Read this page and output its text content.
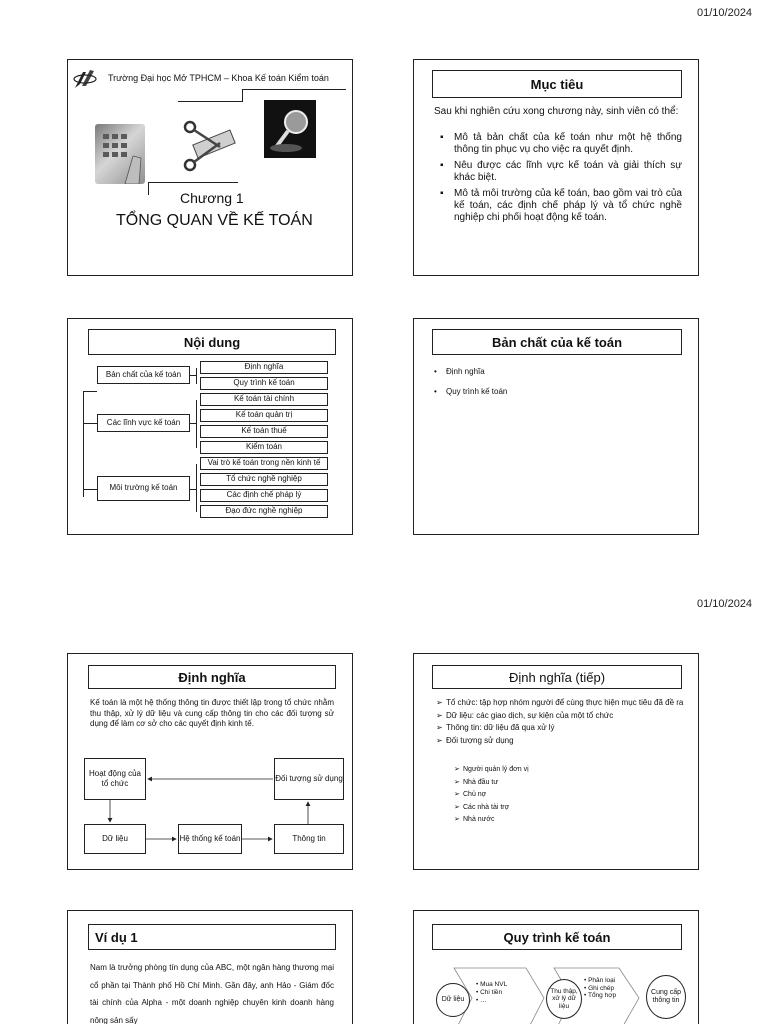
01/10/2024
01/10/2024
Trường Đại học Mở TPHCM – Khoa Kế toán Kiểm toán
Chương 1
TỔNG QUAN VỀ KẾ TOÁN
Mục tiêu
Sau khi nghiên cứu xong chương này, sinh viên có thể:
▪	Mô tả bản chất của kế toán như một hệ thống thông tin phục vụ cho việc ra quyết định.
▪	Nêu được các lĩnh vực kế toán và giải thích sự khác biệt.
▪	Mô tả môi trường của kế toán, bao gồm vai trò của kế toán, các định chế pháp lý và tổ chức nghề nghiệp chi phối hoạt động kế toán.
Nội dung
Bản chất của kế toán
Các lĩnh vực kế toán
Môi trường kế toán
Định nghĩa
Quy trình kế toán
Kế toán tài chính
Kế toán quản trị
Kế toán thuế
Kiểm toán
Vai trò kế toán trong nền kinh tế
Tổ chức nghề nghiệp
Các định chế pháp lý
Đạo đức nghề nghiệp
Bản chất của kế toán
•	Định nghĩa
•	Quy trình kế toán
Định nghĩa
Kế toán là một hệ thống thông tin được thiết lập trong tổ chức nhằm thu thập, xử lý dữ liệu và cung cấp thông tin cho các đối tượng sử dụng để làm cơ sở cho các quyết định kinh tế.
Hoạt động của tổ chức
Đối tượng sử dụng
Dữ liệu	Hệ thống kế toán	Thông tin
Định nghĩa (tiếp)
➢ Tổ chức: tập hợp nhóm người để cùng thực hiện mục tiêu đã đề ra
➢ Dữ liệu: các giao dịch, sự kiện của một tổ chức
➢ Thông tin: dữ liệu đã qua xử lý
➢ Đối tượng sử dụng
➢ Người quản lý đơn vị
➢ Nhà đầu tư
➢ Chủ nợ
➢ Các nhà tài trợ
➢ Nhà nước
Ví dụ 1
Nam là trưởng phòng tín dụng của ABC, một ngân hàng thương mại cổ phần tại Thành phố Hồ Chí Minh. Gần đây, anh Hảo - Giám đốc tài chính của Alpha - một doanh nghiệp chuyên kinh doanh hàng nông sản sấy
Quy trình kế toán
Dữ liệu
• Mua NVL
• Chi tiền
• …
Thu thập, xử lý dữ liệu
• Phân loại
• Ghi chép
• Tổng hợp	Cung cấp thông tin
